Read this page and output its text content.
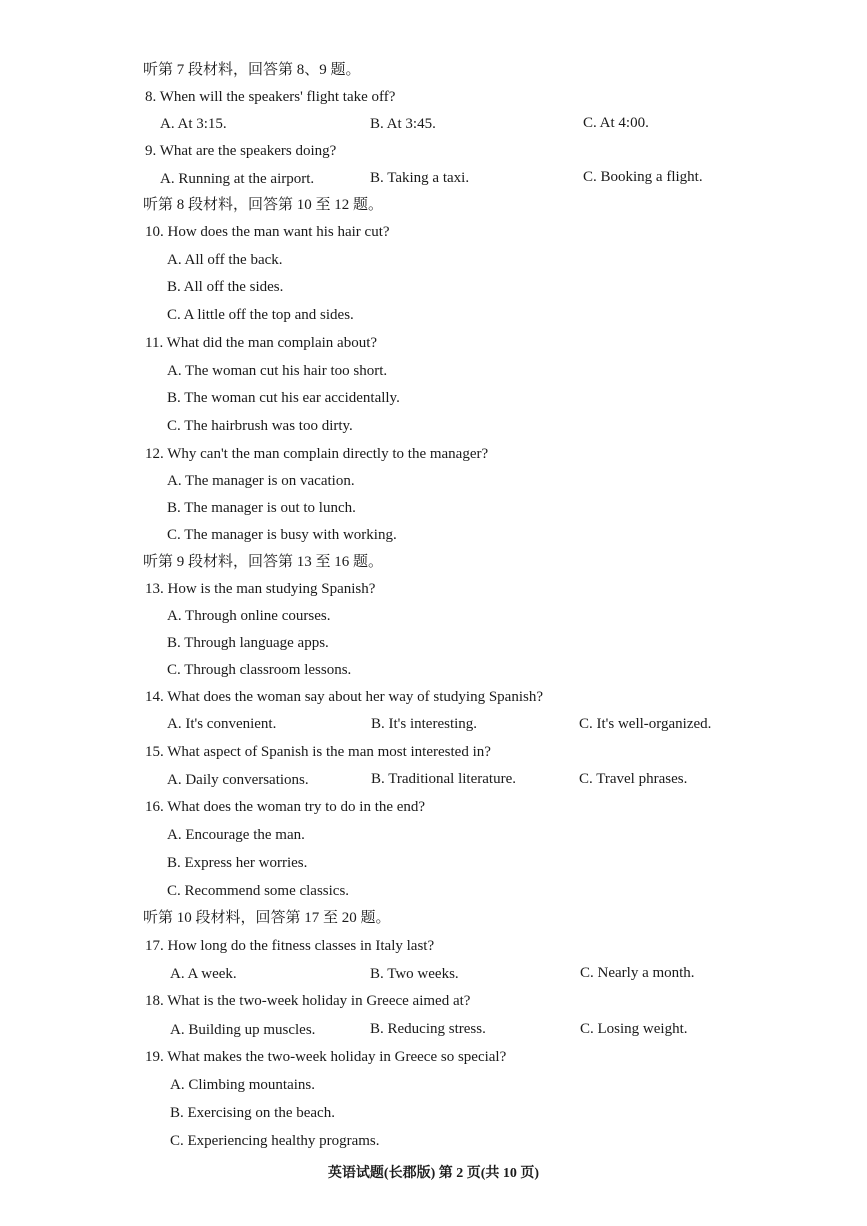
听第 7 段材料，回答第 8、9 题。
8. When will the speakers' flight take off?
A. At 3:15.	B. At 3:45.	C. At 4:00.
9. What are the speakers doing?
A. Running at the airport.	B. Taking a taxi.	C. Booking a flight.
听第 8 段材料，回答第 10 至 12 题。
10. How does the man want his hair cut?
A. All off the back.
B. All off the sides.
C. A little off the top and sides.
11. What did the man complain about?
A. The woman cut his hair too short.
B. The woman cut his ear accidentally.
C. The hairbrush was too dirty.
12. Why can't the man complain directly to the manager?
A. The manager is on vacation.
B. The manager is out to lunch.
C. The manager is busy with working.
听第 9 段材料，回答第 13 至 16 题。
13. How is the man studying Spanish?
A. Through online courses.
B. Through language apps.
C. Through classroom lessons.
14. What does the woman say about her way of studying Spanish?
A. It's convenient.	B. It's interesting.	C. It's well-organized.
15. What aspect of Spanish is the man most interested in?
A. Daily conversations.	B. Traditional literature.	C. Travel phrases.
16. What does the woman try to do in the end?
A. Encourage the man.
B. Express her worries.
C. Recommend some classics.
听第 10 段材料，回答第 17 至 20 题。
17. How long do the fitness classes in Italy last?
A. A week.	B. Two weeks.	C. Nearly a month.
18. What is the two-week holiday in Greece aimed at?
A. Building up muscles.	B. Reducing stress.	C. Losing weight.
19. What makes the two-week holiday in Greece so special?
A. Climbing mountains.
B. Exercising on the beach.
C. Experiencing healthy programs.
英语试题(长郡版) 第 2 页(共 10 页)
